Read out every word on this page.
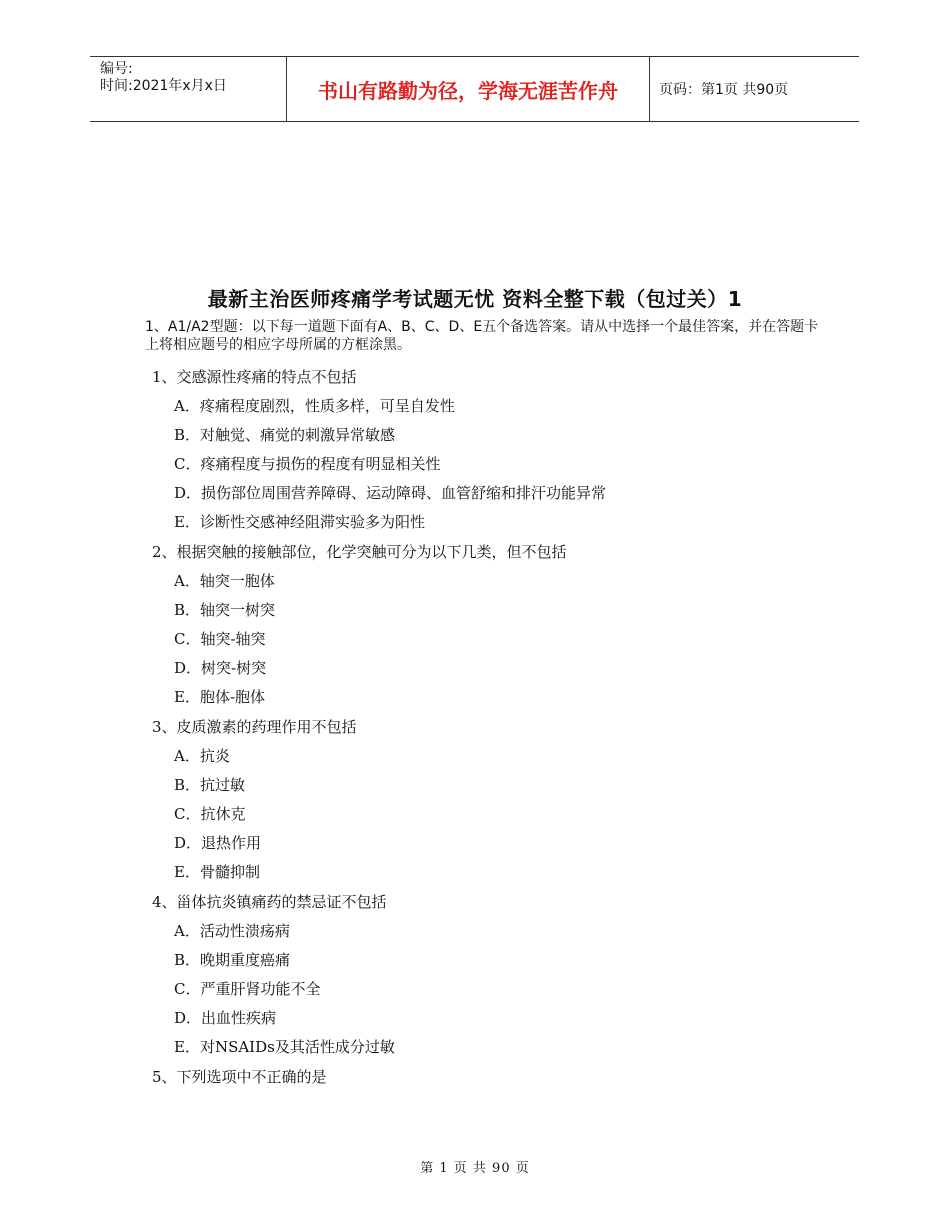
编号:
时间:2021年x月x日	书山有路勤为径，学海无涯苦作舟	页码：第1页 共90页
最新主治医师疼痛学考试题无忧 资料全整下载（包过关）1
1、A1/A2型题：以下每一道题下面有A、B、C、D、E五个备选答案。请从中选择一个最佳答案，并在答题卡上将相应题号的相应字母所属的方框涂黑。
1、交感源性疼痛的特点不包括
A．疼痛程度剧烈，性质多样，可呈自发性
B．对触觉、痛觉的刺激异常敏感
C．疼痛程度与损伤的程度有明显相关性
D．损伤部位周围营养障碍、运动障碍、血管舒缩和排汗功能异常
E．诊断性交感神经阻滞实验多为阳性
2、根据突触的接触部位，化学突触可分为以下几类，但不包括
A．轴突一胞体
B．轴突一树突
C．轴突-轴突
D．树突-树突
E．胞体-胞体
3、皮质激素的药理作用不包括
A．抗炎
B．抗过敏
C．抗休克
D．退热作用
E．骨髓抑制
4、甾体抗炎镇痛药的禁忌证不包括
A．活动性溃疡病
B．晚期重度癌痛
C．严重肝肾功能不全
D．出血性疾病
E．对NSAIDs及其活性成分过敏
5、下列选项中不正确的是
第 1 页 共 90 页
